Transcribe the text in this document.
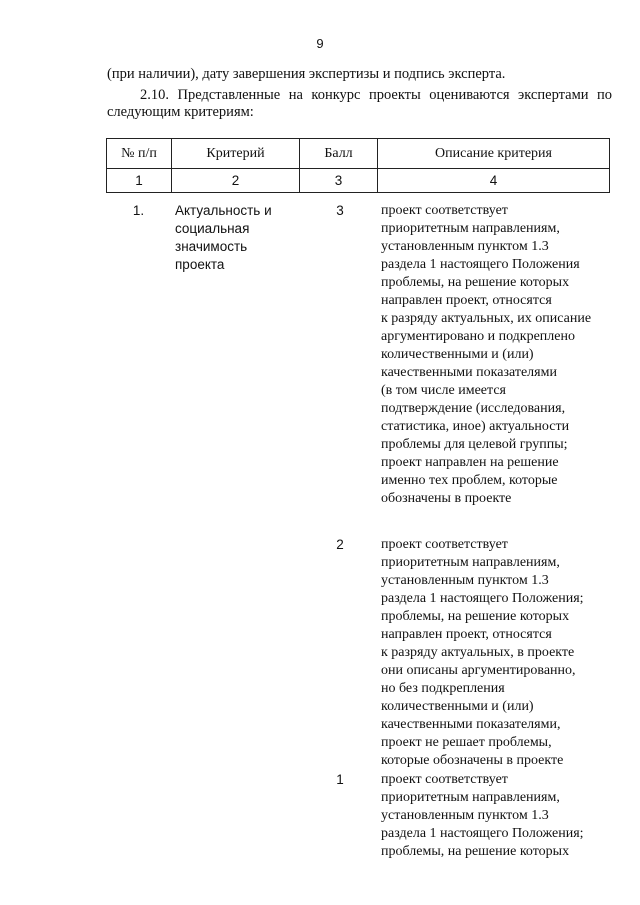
9

(при наличии), дату завершения экспертизы и подпись эксперта.

2.10. Представленные на конкурс проекты оцениваются экспертами по следующим критериям:

№ п/п	Критерий	Балл	Описание критерия
1	2	3	4
1.	Актуальность и социальная значимость проекта
3	проект соответствует
приоритетным направлениям,
установленным пунктом 1.3
раздела 1 настоящего Положения
проблемы, на решение которых
направлен проект, относятся
к разряду актуальных, их описание
аргументировано и подкреплено
количественными и (или)
качественными показателями
(в том числе имеется
подтверждение (исследования,
статистика, иное) актуальности
проблемы для целевой группы;
проект направлен на решение
именно тех проблем, которые
обозначены в проекте
2	проект соответствует
приоритетным направлениям,
установленным пунктом 1.3
раздела 1 настоящего Положения;
проблемы, на решение которых
направлен проект, относятся
к разряду актуальных, в проекте
они описаны аргументированно,
но без подкрепления
количественными и (или)
качественными показателями,
проект не решает проблемы,
которые обозначены в проекте
1	проект соответствует
приоритетным направлениям,
установленным пунктом 1.3
раздела 1 настоящего Положения;
проблемы, на решение которых
